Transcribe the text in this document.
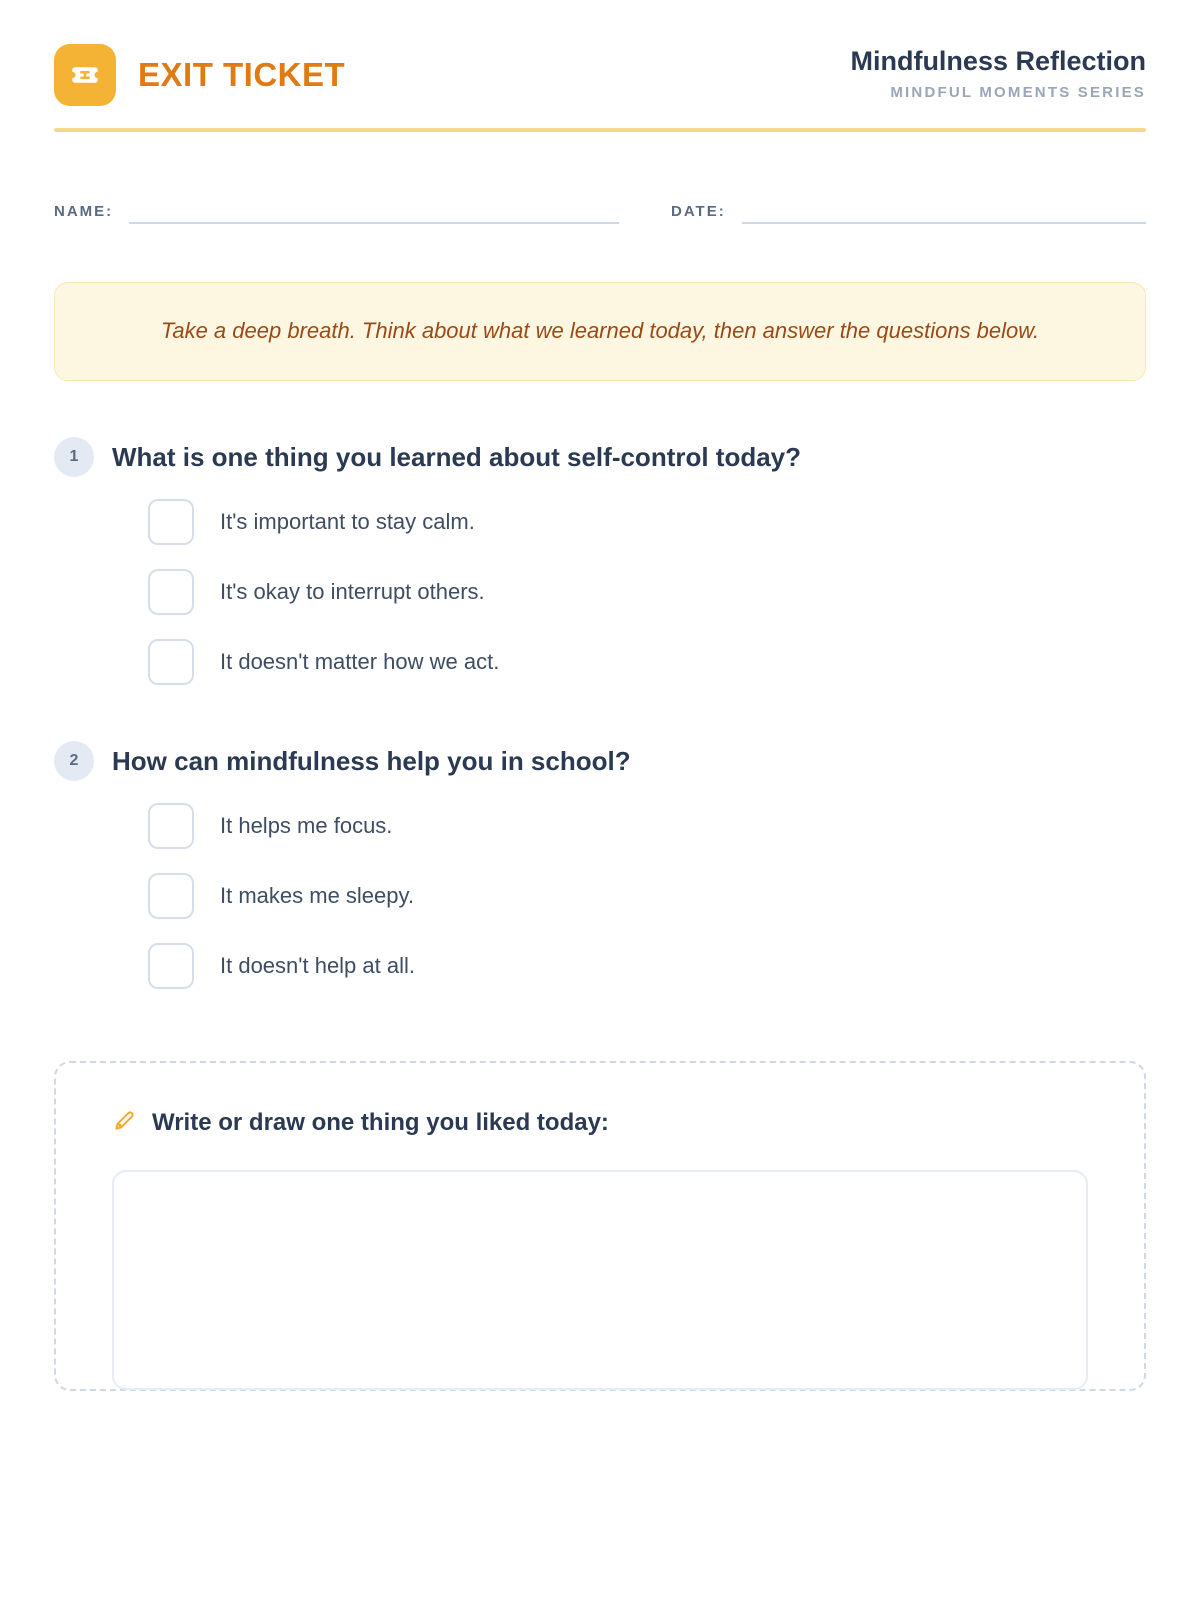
EXIT TICKET	Mindfulness Reflection
MINDFUL MOMENTS SERIES
NAME:	DATE:

Take a deep breath. Think about what we learned today, then answer the questions below.

1	What is one thing you learned about self-control today?
It's important to stay calm.
It's okay to interrupt others.
It doesn't matter how we act.
2	How can mindfulness help you in school?
It helps me focus.
It makes me sleepy.
It doesn't help at all.
Write or draw one thing you liked today:
